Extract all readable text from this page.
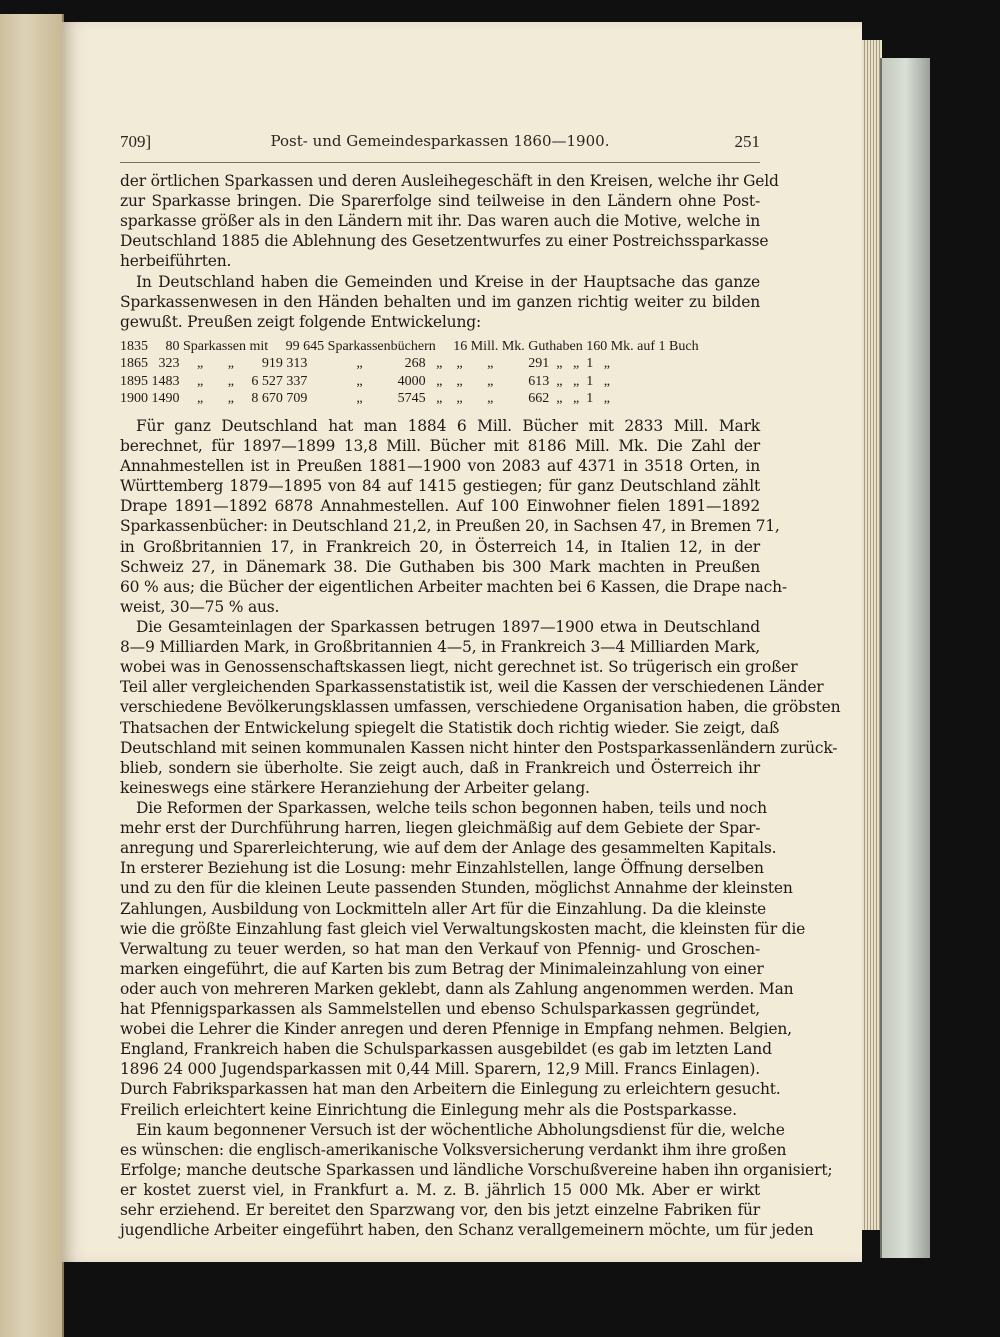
709]	Post- und Gemeindesparkassen 1860—1900.	251
der örtlichen Sparkassen und deren Ausleihegeschäft in den Kreisen, welche ihr Geld
zur Sparkasse bringen. Die Sparerfolge sind teilweise in den Ländern ohne Post-
sparkasse größer als in den Ländern mit ihr. Das waren auch die Motive, welche in
Deutschland 1885 die Ablehnung des Gesetzentwurfes zu einer Postreichssparkasse
herbeiführten.
In Deutschland haben die Gemeinden und Kreise in der Hauptsache das ganze
Sparkassenwesen in den Händen behalten und im ganzen richtig weiter zu bilden
gewußt. Preußen zeigt folgende Entwickelung:
1835     80 Sparkassen mit     99 645 Sparkassenbüchern     16 Mill. Mk. Guthaben 160 Mk. auf 1 Buch
1865   323     „       „        919 313              „            268   „    „       „          291  „   „  1   „
1895 1483     „       „     6 527 337              „          4000   „    „       „          613  „   „  1   „
1900 1490     „       „     8 670 709              „          5745   „    „       „          662  „   „  1   „
Für ganz Deutschland hat man 1884 6 Mill. Bücher mit 2833 Mill. Mark
berechnet, für 1897—1899 13,8 Mill. Bücher mit 8186 Mill. Mk. Die Zahl der
Annahmestellen ist in Preußen 1881—1900 von 2083 auf 4371 in 3518 Orten, in
Württemberg 1879—1895 von 84 auf 1415 gestiegen; für ganz Deutschland zählt
Drape 1891—1892 6878 Annahmestellen. Auf 100 Einwohner fielen 1891—1892
Sparkassenbücher: in Deutschland 21,2, in Preußen 20, in Sachsen 47, in Bremen 71,
in Großbritannien 17, in Frankreich 20, in Österreich 14, in Italien 12, in der
Schweiz 27, in Dänemark 38. Die Guthaben bis 300 Mark machten in Preußen
60 % aus; die Bücher der eigentlichen Arbeiter machten bei 6 Kassen, die Drape nach-
weist, 30—75 % aus.
Die Gesamteinlagen der Sparkassen betrugen 1897—1900 etwa in Deutschland
8—9 Milliarden Mark, in Großbritannien 4—5, in Frankreich 3—4 Milliarden Mark,
wobei was in Genossenschaftskassen liegt, nicht gerechnet ist. So trügerisch ein großer
Teil aller vergleichenden Sparkassenstatistik ist, weil die Kassen der verschiedenen Länder
verschiedene Bevölkerungsklassen umfassen, verschiedene Organisation haben, die gröbsten
Thatsachen der Entwickelung spiegelt die Statistik doch richtig wieder. Sie zeigt, daß
Deutschland mit seinen kommunalen Kassen nicht hinter den Postsparkassenländern zurück-
blieb, sondern sie überholte. Sie zeigt auch, daß in Frankreich und Österreich ihr
keineswegs eine stärkere Heranziehung der Arbeiter gelang.
Die Reformen der Sparkassen, welche teils schon begonnen haben, teils und noch
mehr erst der Durchführung harren, liegen gleichmäßig auf dem Gebiete der Spar-
anregung und Sparerleichterung, wie auf dem der Anlage des gesammelten Kapitals.
In ersterer Beziehung ist die Losung: mehr Einzahlstellen, lange Öffnung derselben
und zu den für die kleinen Leute passenden Stunden, möglichst Annahme der kleinsten
Zahlungen, Ausbildung von Lockmitteln aller Art für die Einzahlung. Da die kleinste
wie die größte Einzahlung fast gleich viel Verwaltungskosten macht, die kleinsten für die
Verwaltung zu teuer werden, so hat man den Verkauf von Pfennig- und Groschen-
marken eingeführt, die auf Karten bis zum Betrag der Minimaleinzahlung von einer
oder auch von mehreren Marken geklebt, dann als Zahlung angenommen werden. Man
hat Pfennigsparkassen als Sammelstellen und ebenso Schulsparkassen gegründet,
wobei die Lehrer die Kinder anregen und deren Pfennige in Empfang nehmen. Belgien,
England, Frankreich haben die Schulsparkassen ausgebildet (es gab im letzten Land
1896 24 000 Jugendsparkassen mit 0,44 Mill. Sparern, 12,9 Mill. Francs Einlagen).
Durch Fabriksparkassen hat man den Arbeitern die Einlegung zu erleichtern gesucht.
Freilich erleichtert keine Einrichtung die Einlegung mehr als die Postsparkasse.
Ein kaum begonnener Versuch ist der wöchentliche Abholungsdienst für die, welche
es wünschen: die englisch-amerikanische Volksversicherung verdankt ihm ihre großen
Erfolge; manche deutsche Sparkassen und ländliche Vorschußvereine haben ihn organisiert;
er kostet zuerst viel, in Frankfurt a. M. z. B. jährlich 15 000 Mk. Aber er wirkt
sehr erziehend. Er bereitet den Sparzwang vor, den bis jetzt einzelne Fabriken für
jugendliche Arbeiter eingeführt haben, den Schanz verallgemeinern möchte, um für jeden
